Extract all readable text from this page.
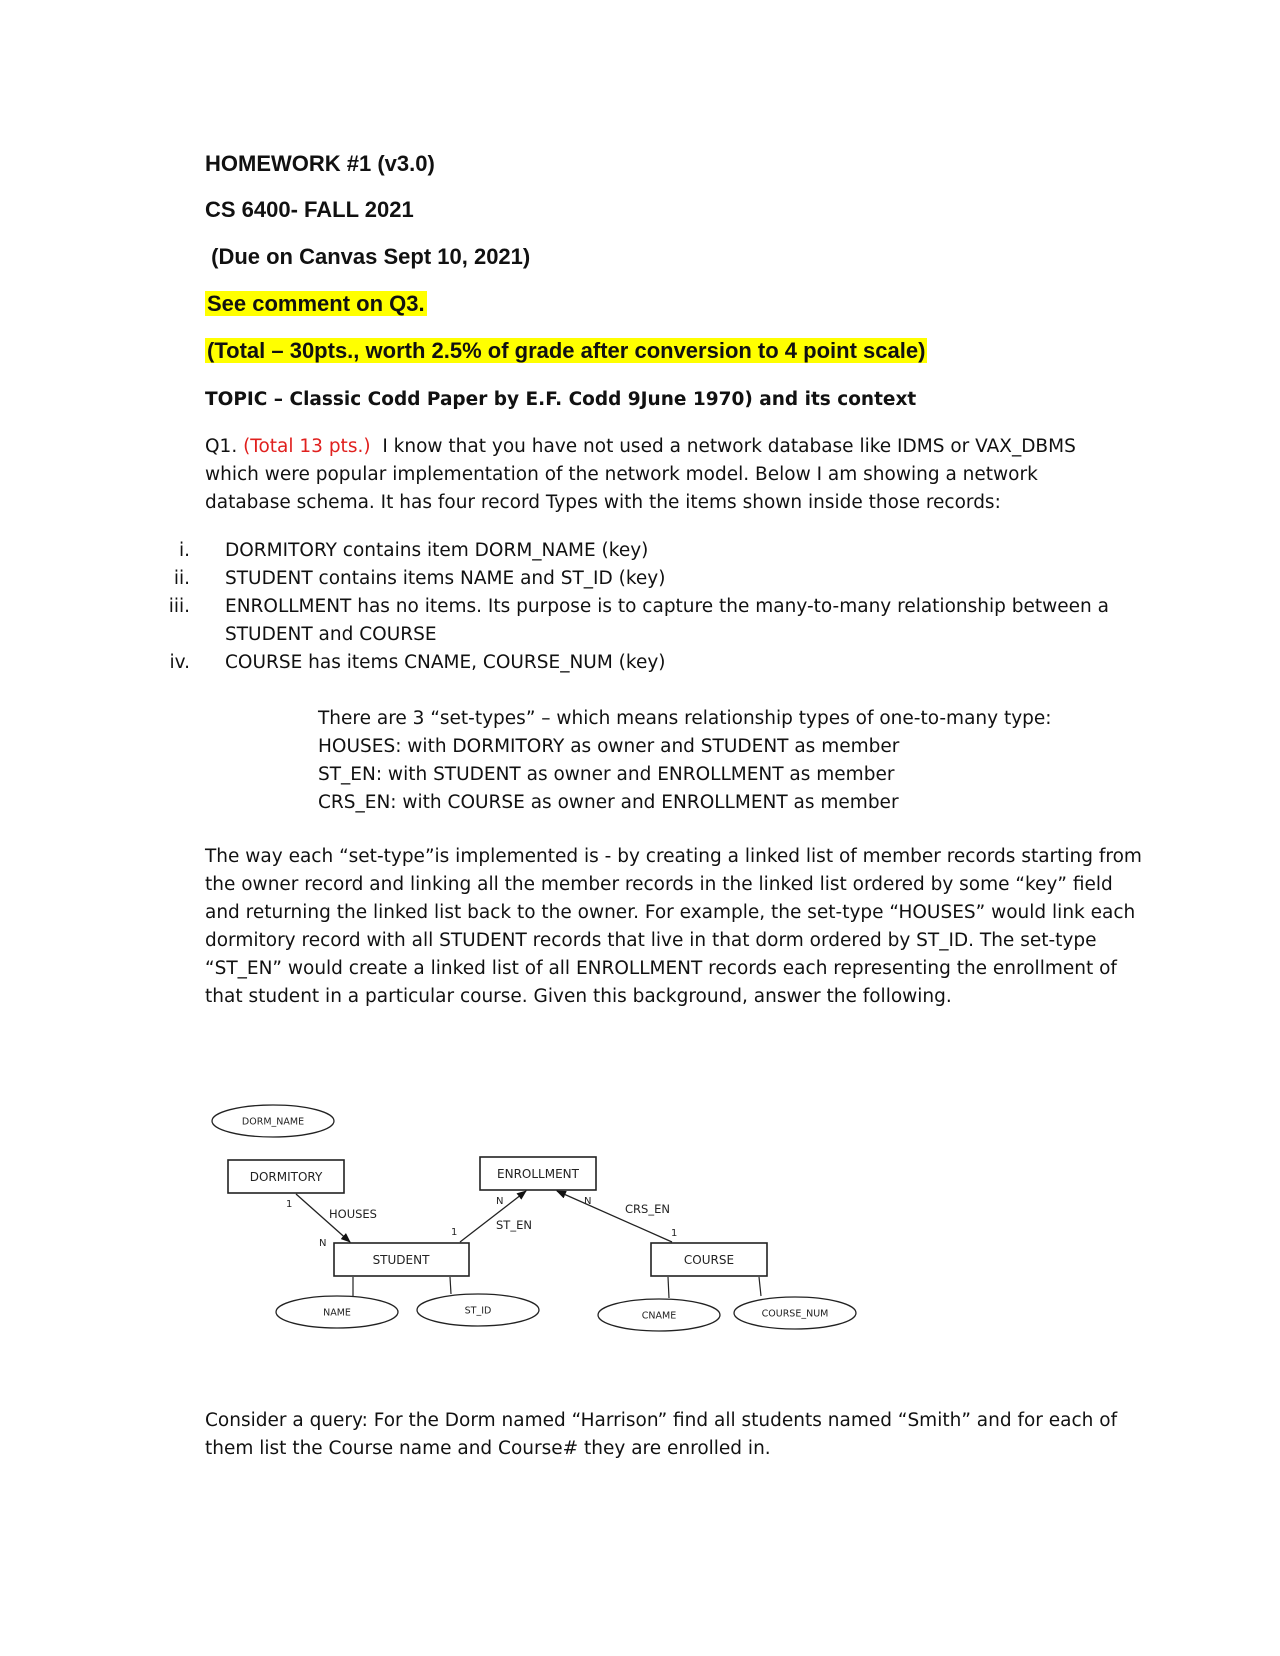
HOMEWORK #1 (v3.0)

CS 6400- FALL 2021

(Due on Canvas Sept 10, 2021)

See comment on Q3.

(Total – 30pts., worth 2.5% of grade after conversion to 4 point scale)

TOPIC – Classic Codd Paper by E.F. Codd 9June 1970) and its context

Q1. (Total 13 pts.)  I know that you have not used a network database like IDMS or VAX_DBMS which were popular implementation of the network model. Below I am showing a network database schema. It has four record Types with the items shown inside those records:

i. DORMITORY contains item DORM_NAME (key)
ii. STUDENT contains items NAME and ST_ID (key)
iii. ENROLLMENT has no items. Its purpose is to capture the many-to-many relationship between a STUDENT and COURSE
iv. COURSE has items CNAME, COURSE_NUM (key)

There are 3 “set-types” – which means relationship types of one-to-many type:

HOUSES: with DORMITORY as owner and STUDENT as member

ST_EN: with STUDENT as owner and ENROLLMENT as member

CRS_EN: with COURSE as owner and ENROLLMENT as member

The way each “set-type”is implemented is - by creating a linked list of member records starting from the owner record and linking all the member records in the linked list ordered by some “key” field and returning the linked list back to the owner. For example, the set-type “HOUSES” would link each dormitory record with all STUDENT records that live in that dorm ordered by ST_ID. The set-type “ST_EN” would create a linked list of all ENROLLMENT records each representing the enrollment of that student in a particular course. Given this background, answer the following.

DORM_NAME
DORMITORY	ENROLLMENT
STUDENT	COURSE
HOUSES
1
N
ST_EN
1
N
CRS_EN
1
N
NAME	ST_ID	CNAME	COURSE_NUM

Consider a query: For the Dorm named “Harrison” find all students named “Smith” and for each of them list the Course name and Course# they are enrolled in.
